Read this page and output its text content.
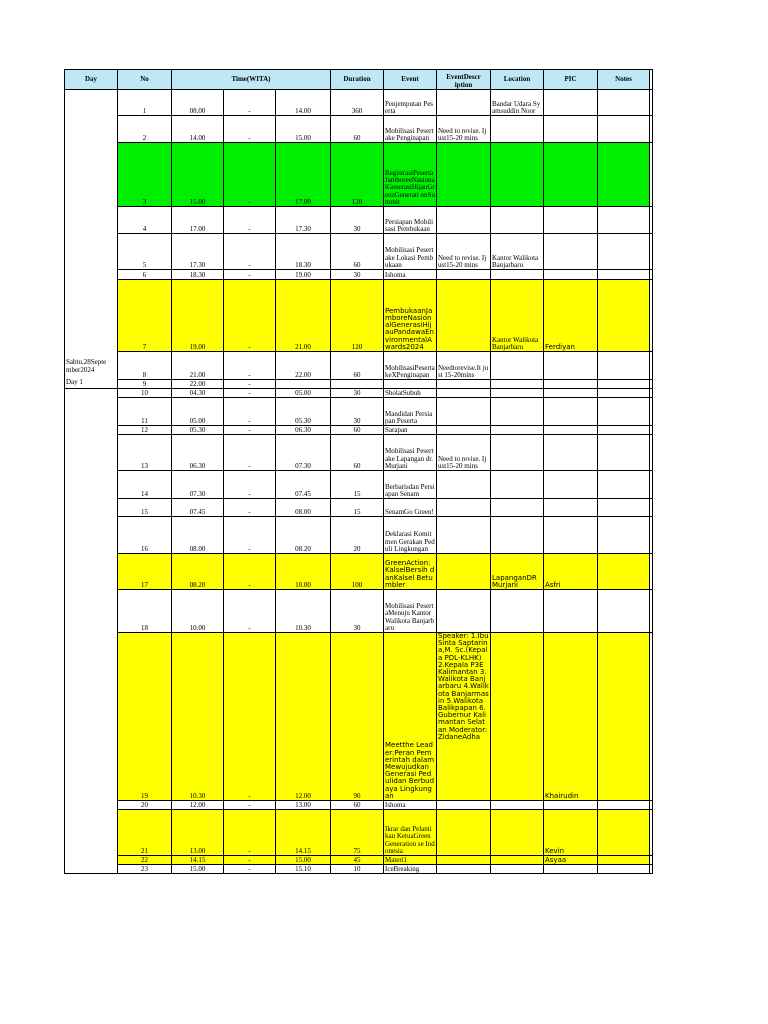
Day	No	Time(WITA)			Duration	Event	EventDescr iption	Location	PIC	Notes	

Sabtu,28Septe mber2024
Day 1	1	08.00	-	14.00	360	Penjemputan Peserta		Bandar Udara Syamsuddin Noor			
	2	14.00	-	15.00	60	Mobilisasi Pesertake Penginapan	Need to revise. Ijust15-20 mins				
	3	15.00	-	17.00	120	RegistrasiPeserta JamboreeNasionalGenerasiHijauGreenGenerati onSummit					
	4	17.00	-	17.30	30	Persiapan Mobilisasi Pembukaan					
	5	17.30	-	18.30	60	Mobilisasi Pesertake Lokasi Pembukaan	Need to revise. Ijust15-20 mins	Kantor Walikota Banjarbaru			
	6	18.30	-	19.00	30	Ishoma					
	7	19.00	-	21.00	120	PembukaanJamboreNasionalGenerasiHijauPandawaEnvironmentalAwards2024		Kantor Walikota Banjarbaru	Ferdiyan		
	8	21.00	-	22.00	60	MobilisasiPeserta keXPenginapan	Needtorevise.It just 15-20mins				
	9	22.00	-								

	10	04.30	-	05.00	30	SholatSubuh					
	11	05.00	-	05.30	30	Mandidan Persiapan Peserta					
	12	05.30	-	06.30	60	Sarapan					
	13	06.30	-	07.30	60	Mobilisasi Pesertake Lapangan dr. Murjani	Need to revise. Ijust15-20 mins				
	14	07.30	-	07.45	15	Berbarisdan Persiapan Senam					
	15	07.45	-	08.00	15	SenamGo Green!					
	16	08.00	-	08.20	20	Deklarasi Komitmen Gerakan Peduli Lingkungan					
	17	08.20	-	10.00	100	GreenAction: KalselBersih danKalsel Betumbler		LapanganDR Murjani	Asfri		
	18	10.00	-	10.30	30	Mobilisasi PesertaMenuju Kantor Walikota Banjarbaru					
	19	10.30	-	12.00	90	Meetthe Leader:Peran Pemerintah dalam Mewujudkan Generasi Pedulidan Berbudaya Lingkungan	Speaker: 1.IbuSinta Saptarina,M. Sc.(Kepala PDL-KLHK) 2.Kepala P3E Kalimantan 3.Walikota Banjarbaru 4.Walikota Banjarmasin 5.Walikota Balikpapan 6.Gubernur Kalimantan Selatan Moderator: ZidaneAdha		Khairudin		
	20	12.00	-	13.00	60	Ishoma					
	21	13.00	-	14.15	75	Ikrar dan Pelantikan KetuaGreen Generation se Indonesia			Kevin		
	22	14.15	-	15.00	45	Materi1			Asyaa		
	23	15.00	-	15.10	10	IceBreaking					
